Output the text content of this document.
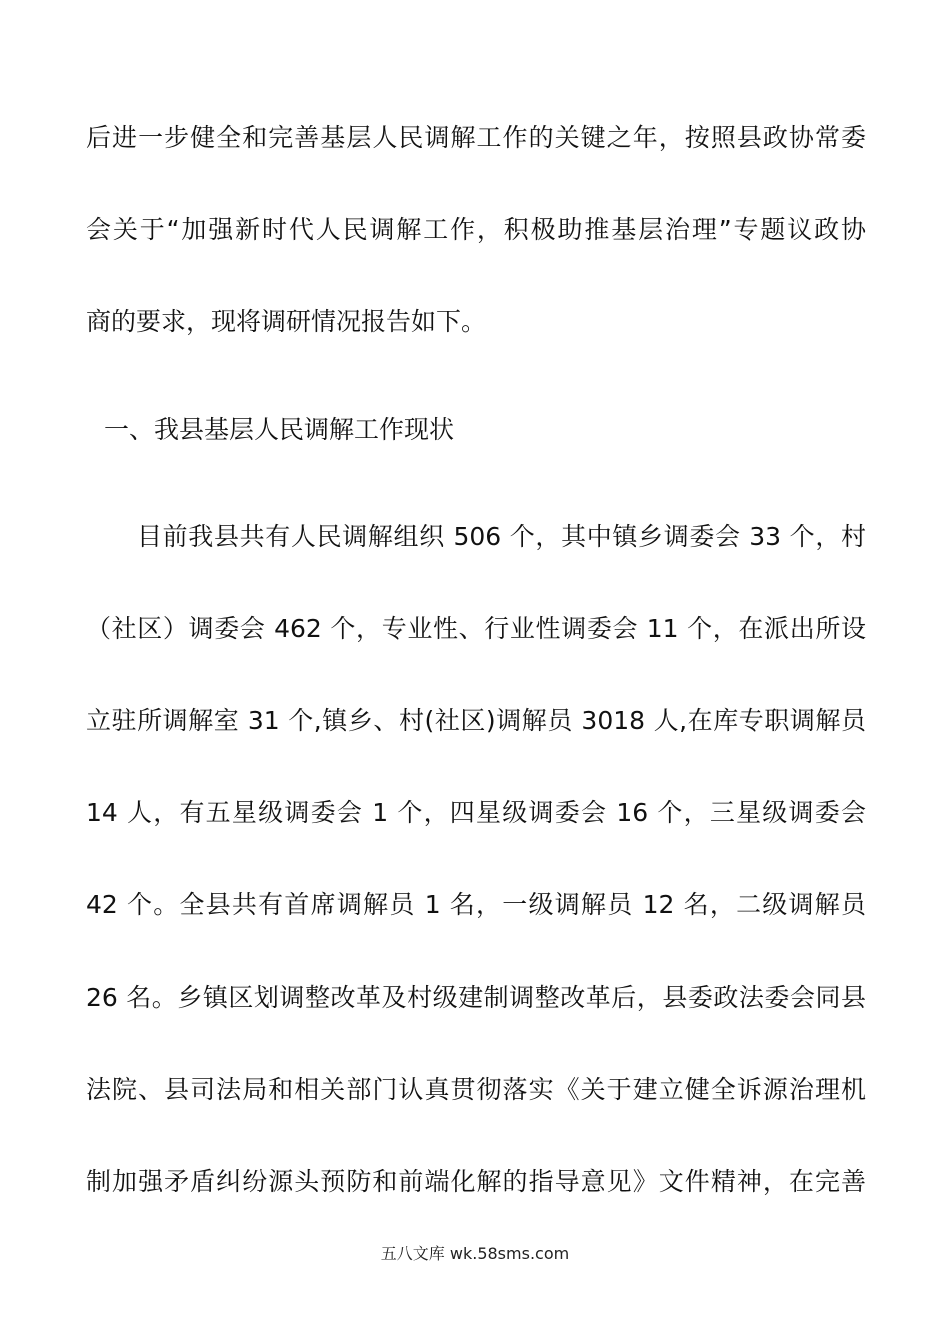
后进一步健全和完善基层人民调解工作的关键之年，按照县政协常委
会关于“加强新时代人民调解工作，积极助推基层治理”专题议政协
商的要求，现将调研情况报告如下。
一、我县基层人民调解工作现状
目前我县共有人民调解组织 506 个，其中镇乡调委会 33 个，村
（社区）调委会 462 个，专业性、行业性调委会 11 个，在派出所设
立驻所调解室 31 个,镇乡、村(社区)调解员 3018 人,在库专职调解员
14 人，有五星级调委会 1 个，四星级调委会 16 个，三星级调委会
42 个。全县共有首席调解员 1 名，一级调解员 12 名，二级调解员
26 名。乡镇区划调整改革及村级建制调整改革后，县委政法委会同县
法院、县司法局和相关部门认真贯彻落实《关于建立健全诉源治理机
制加强矛盾纠纷源头预防和前端化解的指导意见》文件精神，在完善
五八文库 wk.58sms.com
